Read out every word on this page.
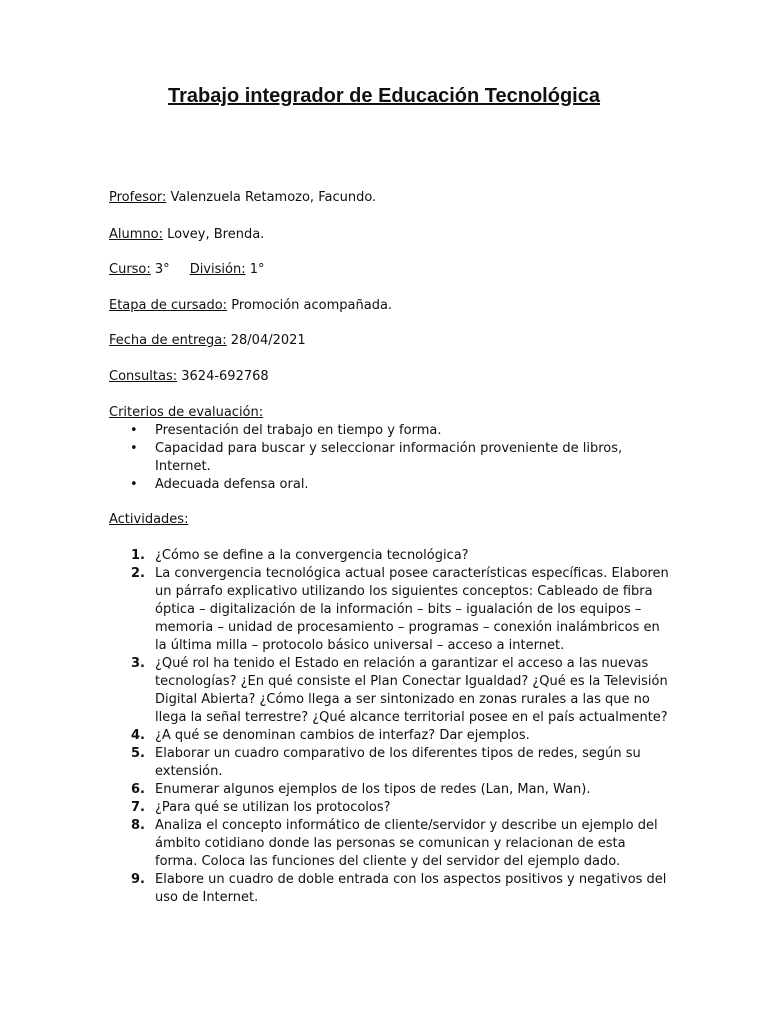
Trabajo integrador de Educación Tecnológica
Profesor: Valenzuela Retamozo, Facundo.
Alumno: Lovey, Brenda.
Curso: 3° División: 1°
Etapa de cursado: Promoción acompañada.
Fecha de entrega: 28/04/2021
Consultas: 3624-692768
Criterios de evaluación:
• Presentación del trabajo en tiempo y forma.
• Capacidad para buscar y seleccionar información proveniente de libros, Internet.
• Adecuada defensa oral.
Actividades:
1. ¿Cómo se define a la convergencia tecnológica?
2. La convergencia tecnológica actual posee características específicas. Elaboren un párrafo explicativo utilizando los siguientes conceptos: Cableado de fibra óptica – digitalización de la información – bits – igualación de los equipos – memoria – unidad de procesamiento – programas – conexión inalámbricos en la última milla – protocolo básico universal – acceso a internet.
3. ¿Qué rol ha tenido el Estado en relación a garantizar el acceso a las nuevas tecnologías? ¿En qué consiste el Plan Conectar Igualdad? ¿Qué es la Televisión Digital Abierta? ¿Cómo llega a ser sintonizado en zonas rurales a las que no llega la señal terrestre? ¿Qué alcance territorial posee en el país actualmente?
4. ¿A qué se denominan cambios de interfaz? Dar ejemplos.
5. Elaborar un cuadro comparativo de los diferentes tipos de redes, según su extensión.
6. Enumerar algunos ejemplos de los tipos de redes (Lan, Man, Wan).
7. ¿Para qué se utilizan los protocolos?
8. Analiza el concepto informático de cliente/servidor y describe un ejemplo del ámbito cotidiano donde las personas se comunican y relacionan de esta forma. Coloca las funciones del cliente y del servidor del ejemplo dado.
9. Elabore un cuadro de doble entrada con los aspectos positivos y negativos del uso de Internet.
